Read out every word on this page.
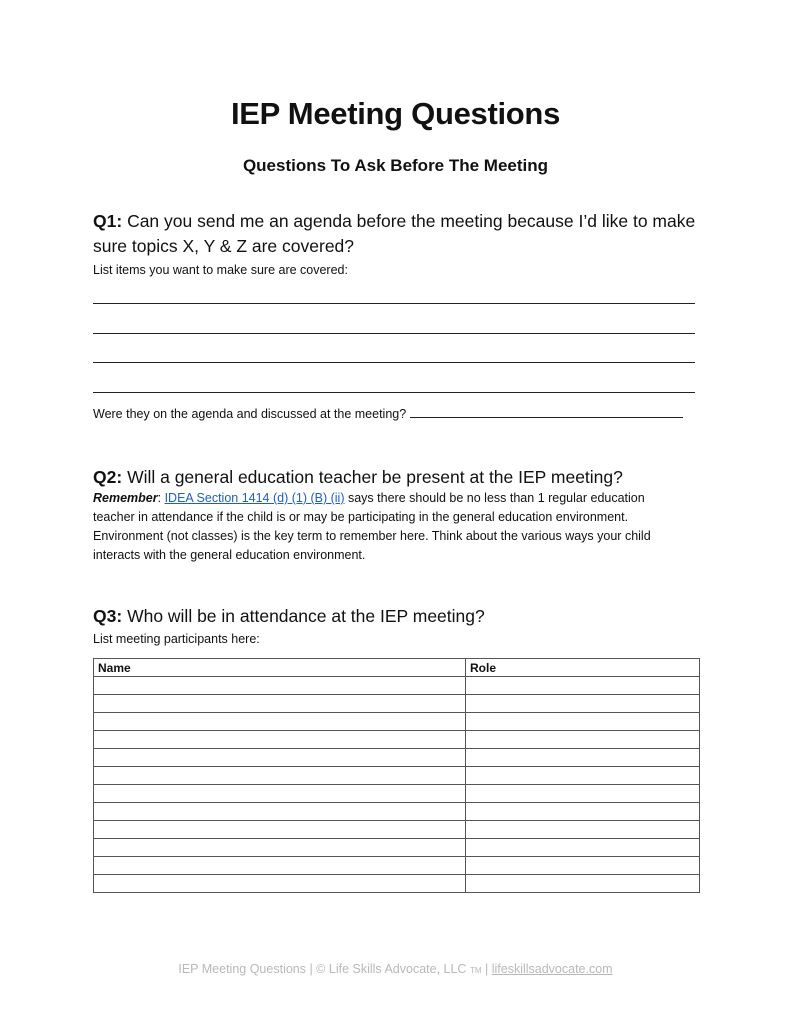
IEP Meeting Questions
Questions To Ask Before The Meeting

Q1: Can you send me an agenda before the meeting because I’d like to make sure topics X, Y & Z are covered?

List items you want to make sure are covered:

Were they on the agenda and discussed at the meeting?

Q2: Will a general education teacher be present at the IEP meeting?

Remember: IDEA Section 1414 (d) (1) (B) (ii) says there should be no less than 1 regular education teacher in attendance if the child is or may be participating in the general education environment. Environment (not classes) is the key term to remember here. Think about the various ways your child interacts with the general education environment.

Q3: Who will be in attendance at the IEP meeting?

List meeting participants here:

Name	Role

IEP Meeting Questions | © Life Skills Advocate, LLC TM | lifeskillsadvocate.com
